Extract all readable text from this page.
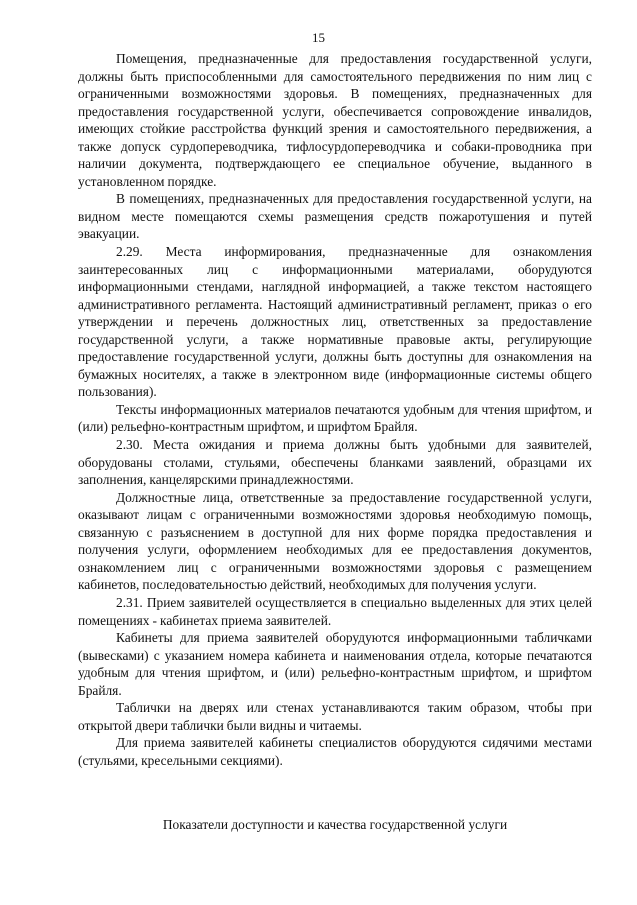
15

Помещения, предназначенные для предоставления государственной услуги, должны быть приспособленными для самостоятельного передвижения по ним лиц с ограниченными возможностями здоровья. В помещениях, предназначенных для предоставления государственной услуги, обеспечивается сопровождение инвалидов, имеющих стойкие расстройства функций зрения и самостоятельного передвижения, а также допуск сурдопереводчика, тифлосурдопереводчика и собаки-проводника при наличии документа, подтверждающего ее специальное обучение, выданного в установленном порядке.

В помещениях, предназначенных для предоставления государственной услуги, на видном месте помещаются схемы размещения средств пожаротушения и путей эвакуации.

2.29. Места информирования, предназначенные для ознакомления заинтересованных лиц с информационными материалами, оборудуются информационными стендами, наглядной информацией, а также текстом настоящего административного регламента. Настоящий административный регламент, приказ о его утверждении и перечень должностных лиц, ответственных за предоставление государственной услуги, а также нормативные правовые акты, регулирующие предоставление государственной услуги, должны быть доступны для ознакомления на бумажных носителях, а также в электронном виде (информационные системы общего пользования).

Тексты информационных материалов печатаются удобным для чтения шрифтом, и (или) рельефно-контрастным шрифтом, и шрифтом Брайля.

2.30. Места ожидания и приема должны быть удобными для заявителей, оборудованы столами, стульями, обеспечены бланками заявлений, образцами их заполнения, канцелярскими принадлежностями.

Должностные лица, ответственные за предоставление государственной услуги, оказывают лицам с ограниченными возможностями здоровья необходимую помощь, связанную с разъяснением в доступной для них форме порядка предоставления и получения услуги, оформлением необходимых для ее предоставления документов, ознакомлением лиц с ограниченными возможностями здоровья с размещением кабинетов, последовательностью действий, необходимых для получения услуги.

2.31. Прием заявителей осуществляется в специально выделенных для этих целей помещениях - кабинетах приема заявителей.

Кабинеты для приема заявителей оборудуются информационными табличками (вывесками) с указанием номера кабинета и наименования отдела, которые печатаются удобным для чтения шрифтом, и (или) рельефно-контрастным шрифтом, и шрифтом Брайля.

Таблички на дверях или стенах устанавливаются таким образом, чтобы при открытой двери таблички были видны и читаемы.

Для приема заявителей кабинеты специалистов оборудуются сидячими местами (стульями, кресельными секциями).

Показатели доступности и качества государственной услуги
